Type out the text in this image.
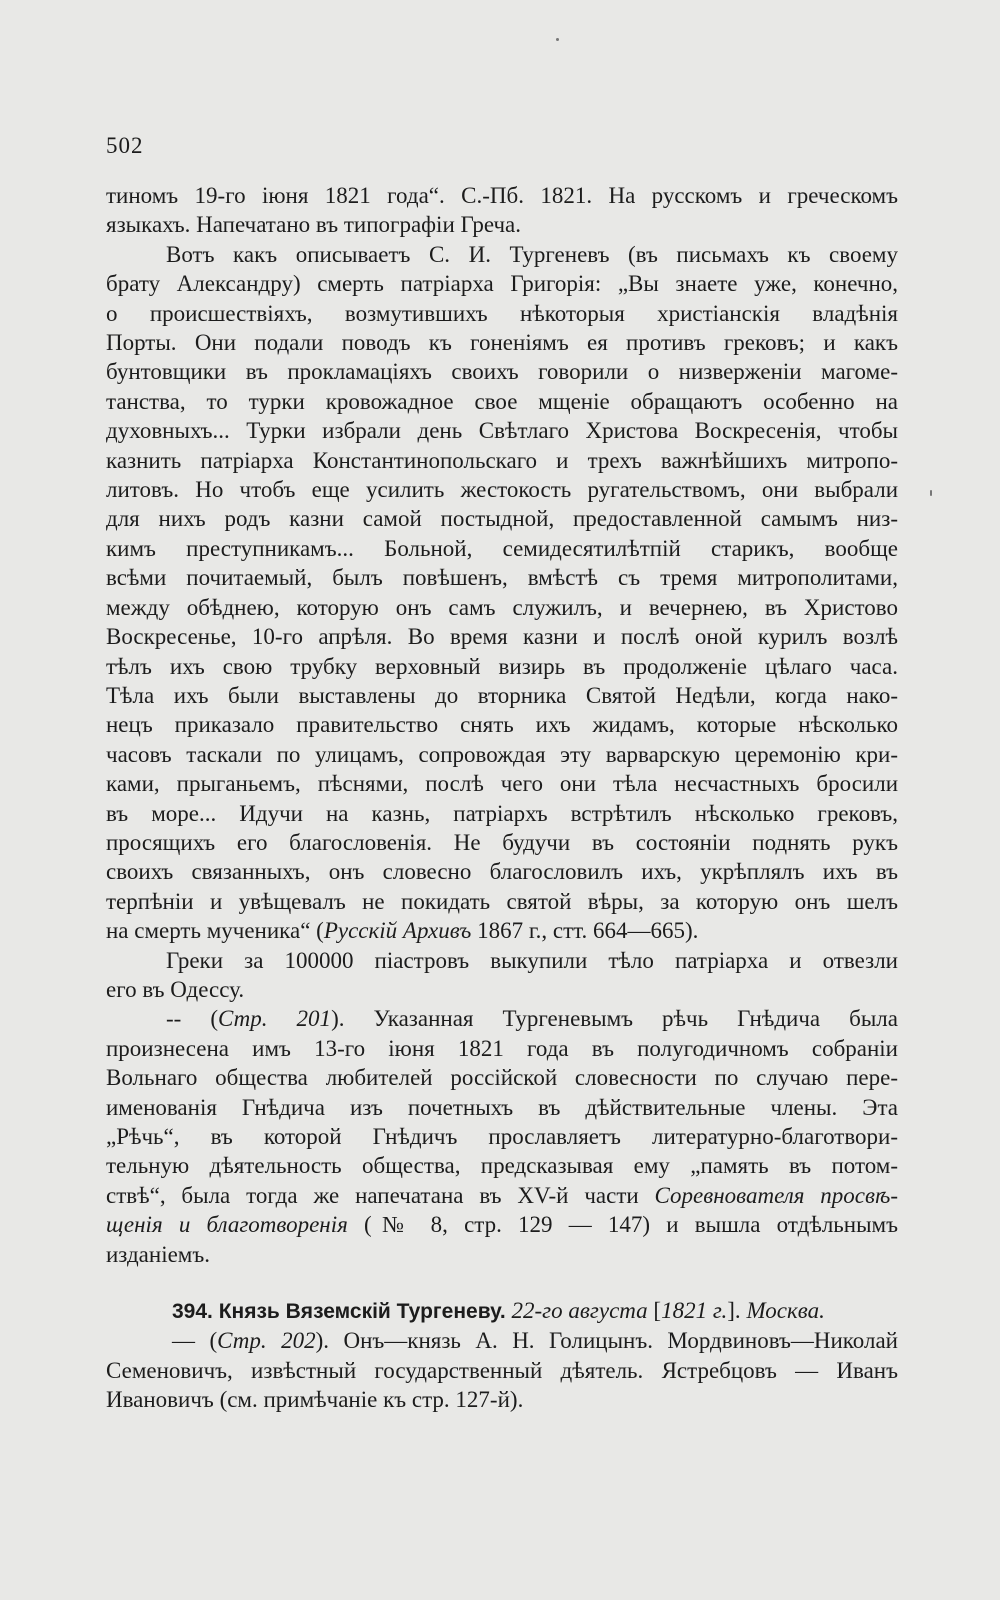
502
тиномъ 19-го іюня 1821 года“. С.-Пб. 1821. На русскомъ и греческомъ
языкахъ. Напечатано въ типографіи Греча.
Вотъ какъ описываетъ С. И. Тургеневъ (въ письмахъ къ своему
брату Александру) смерть патріарха Григорія: „Вы знаете уже, конечно,
о происшествіяхъ, возмутившихъ нѣкоторыя христіанскія владѣнія
Порты. Они подали поводъ къ гоненіямъ ея противъ грековъ; и какъ
бунтовщики въ прокламаціяхъ своихъ говорили о низверженіи магоме-
танства, то турки кровожадное свое мщеніе обращаютъ особенно на
духовныхъ... Турки избрали день Свѣтлаго Христова Воскресенія, чтобы
казнить патріарха Константинопольскаго и трехъ важнѣйшихъ митропо-
литовъ. Но чтобъ еще усилить жестокость ругательствомъ, они выбрали
для нихъ родъ казни самой постыдной, предоставленной самымъ низ-
кимъ преступникамъ... Больной, семидесятилѣтпій старикъ, вообще
всѣми почитаемый, былъ повѣшенъ, вмѣстѣ съ тремя митрополитами,
между обѣднею, которую онъ самъ служилъ, и вечернею, въ Христово
Воскресенье, 10-го апрѣля. Во время казни и послѣ оной курилъ возлѣ
тѣлъ ихъ свою трубку верховный визирь въ продолженіе цѣлаго часа.
Тѣла ихъ были выставлены до вторника Святой Недѣли, когда нако-
нецъ приказало правительство снять ихъ жидамъ, которые нѣсколько
часовъ таскали по улицамъ, сопровождая эту варварскую церемонію кри-
ками, прыганьемъ, пѣснями, послѣ чего они тѣла несчастныхъ бросили
въ море... Идучи на казнь, патріархъ встрѣтилъ нѣсколько грековъ,
просящихъ его благословенія. Не будучи въ состояніи поднять рукъ
своихъ связанныхъ, онъ словесно благословилъ ихъ, укрѣплялъ ихъ въ
терпѣніи и увѣщевалъ не покидать святой вѣры, за которую онъ шелъ
на смерть мученика“ (Русскій Архивъ 1867 г., стт. 664—665).
Греки за 100000 піастровъ выкупили тѣло патріарха и отвезли
его въ Одессу.
-- (Стр. 201). Указанная Тургеневымъ рѣчь Гнѣдича была
произнесена имъ 13-го іюня 1821 года въ полугодичномъ собраніи
Вольнаго общества любителей россійской словесности по случаю пере-
именованія Гнѣдича изъ почетныхъ въ дѣйствительные члены. Эта
„Рѣчь“, въ которой Гнѣдичъ прославляетъ литературно-благотвори-
тельную дѣятельность общества, предсказывая ему „память въ потом-
ствѣ“, была тогда же напечатана въ XV-й части Соревнователя просвѣ-
щенія и благотворенія (№ 8, стр. 129 — 147) и вышла отдѣльнымъ
изданіемъ.
394. Князь Вяземскій Тургеневу. 22-го августа [1821 г.]. Москва.
— (Стр. 202). Онъ—князь А. Н. Голицынъ. Мордвиновъ—Николай
Семеновичъ, извѣстный государственный дѣятель. Ястребцовъ — Иванъ
Ивановичъ (см. примѣчаніе къ стр. 127-й).
